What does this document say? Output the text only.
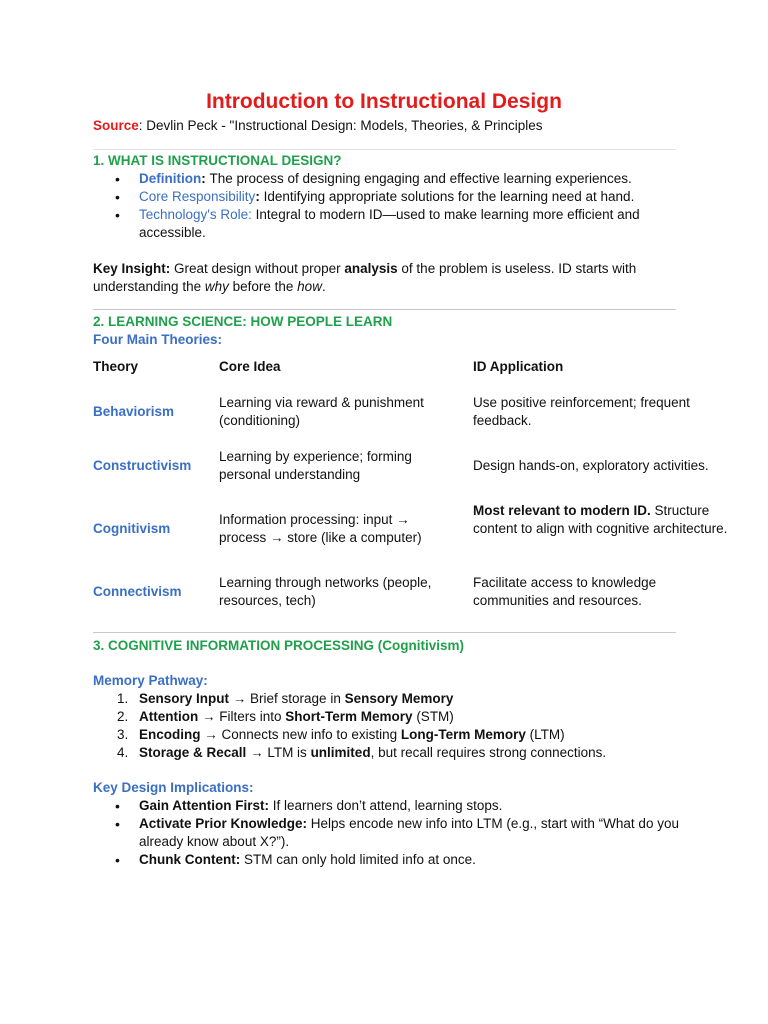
Introduction to Instructional Design
Source: Devlin Peck - "Instructional Design: Models, Theories, & Principles
1. WHAT IS INSTRUCTIONAL DESIGN?
• Definition: The process of designing engaging and effective learning experiences.
• Core Responsibility: Identifying appropriate solutions for the learning need at hand.
• Technology's Role: Integral to modern ID—used to make learning more efficient and accessible.
Key Insight: Great design without proper analysis of the problem is useless. ID starts with understanding the why before the how.
2. LEARNING SCIENCE: HOW PEOPLE LEARN
Four Main Theories:
Theory	Core Idea	ID Application
Behaviorism
Learning via reward & punishment (conditioning)
Use positive reinforcement; frequent feedback.
Constructivism
Learning by experience; forming personal understanding
Design hands-on, exploratory activities.
Cognitivism
Information processing: input → process → store (like a computer)
Most relevant to modern ID. Structure content to align with cognitive architecture.
Connectivism
Learning through networks (people, resources, tech)
Facilitate access to knowledge communities and resources.
3. COGNITIVE INFORMATION PROCESSING (Cognitivism)
Memory Pathway:
1. Sensory Input → Brief storage in Sensory Memory
2. Attention → Filters into Short-Term Memory (STM)
3. Encoding → Connects new info to existing Long-Term Memory (LTM)
4. Storage & Recall → LTM is unlimited, but recall requires strong connections.
Key Design Implications:
• Gain Attention First: If learners don’t attend, learning stops.
• Activate Prior Knowledge: Helps encode new info into LTM (e.g., start with “What do you already know about X?”).
• Chunk Content: STM can only hold limited info at once.
